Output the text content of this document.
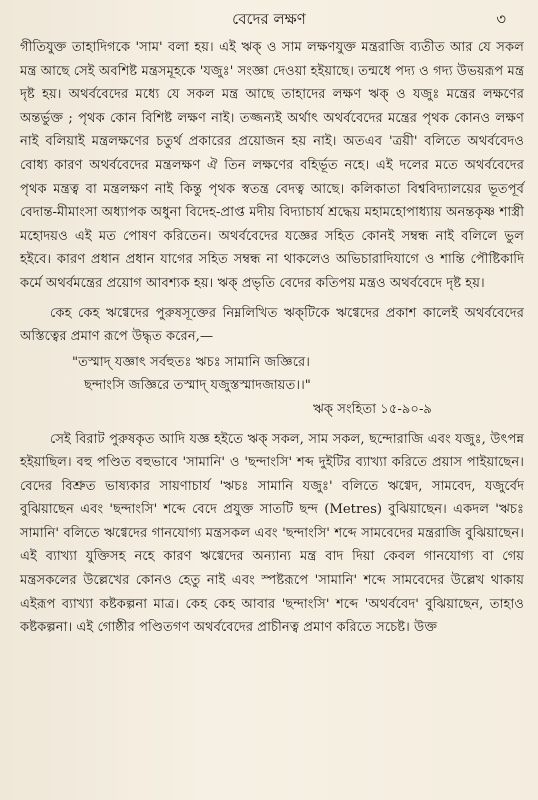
বেদের লক্ষণ	৩

গীতিযুক্ত তাহাদিগকে 'সাম' বলা হয়। এই ঋক্ ও সাম লক্ষণযুক্ত মন্ত্ররাজি ব্যতীত আর যে সকল মন্ত্র আছে সেই অবশিষ্ট মন্ত্রসমূহকে 'যজুঃ' সংজ্ঞা দেওয়া হইয়াছে। তন্মধে পদ্য ও গদ্য উভয়রূপ মন্ত্র দৃষ্ট হয়। অথর্ববেদের মধ্যে যে সকল মন্ত্র আছে তাহাদের লক্ষণ ঋক্ ও যজুঃ মন্ত্রের লক্ষণের অন্তর্ভুক্ত ; পৃথক কোন বিশিষ্ট লক্ষণ নাই। তজ্জন্যই অর্থাৎ অথর্ববেদের মন্ত্রের পৃথক কোনও লক্ষণ নাই বলিয়াই মন্ত্রলক্ষণের চতুর্থ প্রকারের প্রয়োজন হয় নাই। অতএব 'ত্রয়ী' বলিতে অথর্ববেদও বোধ্য কারণ অথর্ববেদের মন্ত্রলক্ষণ ঐ তিন লক্ষণের বহির্ভূত নহে। এই দলের মতে অথর্ববেদের পৃথক মন্ত্রত্ব বা মন্ত্রলক্ষণ নাই কিন্তু পৃথক স্বতন্ত্র বেদত্ব আছে। কলিকাতা বিশ্ববিদ্যালয়ের ভূতপূর্ব বেদান্ত-মীমাংসা অধ্যাপক অধুনা বিদেহ-প্রাপ্ত মদীয় বিদ্যাচার্য শ্রদ্ধেয় মহামহোপাধ্যায় অনন্তকৃষ্ণ শাস্ত্রী মহোদয়ও এই মত পোষণ করিতেন। অথর্ববেদের যজ্ঞের সহিত কোনই সম্বন্ধ নাই বলিলে ভুল হইবে। কারণ প্রধান প্রধান যাগের সহিত সম্বন্ধ না থাকলেও অভিচারাদিযাগে ও শান্তি পৌষ্টিকাদি কর্মে অথর্বমন্ত্রের প্রয়োগ আবশ্যক হয়। ঋক্ প্রভৃতি বেদের কতিপয় মন্ত্রও অথর্ববেদে দৃষ্ট হয়।

কেহ কেহ ঋগ্বেদের পুরুষসূক্তের নিম্নলিখিত ঋক্‌টিকে ঋগ্বেদের প্রকাশ কালেই অথর্ববেদের অস্তিত্বের প্রমাণ রূপে উদ্ধৃত করেন,—

"তস্মাদ্ যজ্ঞাৎ সর্বহুতঃ ঋচঃ সামানি জজ্ঞিরে।
ছন্দাংসি জজ্ঞিরে তস্মাদ্ যজুস্তস্মাদজায়ত।।"
ঋক্ সংহিতা ১৫-৯০-৯

সেই বিরাট পুরুষকৃত আদি যজ্ঞ হইতে ঋক্ সকল, সাম সকল, ছন্দোরাজি এবং যজুঃ, উৎপন্ন হইয়াছিল। বহু পণ্ডিত বহুভাবে 'সামানি' ও 'ছন্দাংসি' শব্দ দুইটির ব্যাখ্যা করিতে প্রয়াস পাইয়াছেন। বেদের বিশ্রুত ভাষ্যকার সায়ণাচার্য 'ঋচঃ সামানি যজুঃ' বলিতে ঋগ্বেদ, সামবেদ, যজুর্বেদ বুঝিয়াছেন এবং 'ছন্দাংসি' শব্দে বেদে প্রযুক্ত সাতটি ছন্দ (Metres) বুঝিয়াছেন। একদল 'ঋচঃ সামানি' বলিতে ঋগ্বেদের গানযোগ্য মন্ত্রসকল এবং 'ছন্দাংসি' শব্দে সামবেদের মন্ত্ররাজি বুঝিয়াছেন। এই ব্যাখ্যা যুক্তিসহ নহে কারণ ঋগ্বেদের অন্যান্য মন্ত্র বাদ দিয়া কেবল গানযোগ্য বা গেয় মন্ত্রসকলের উল্লেখের কোনও হেতু নাই এবং স্পষ্টরূপে 'সামানি' শব্দে সামবেদের উল্লেখ থাকায় এইরূপ ব্যাখ্যা কষ্টকল্পনা মাত্র। কেহ কেহ আবার 'ছন্দাংসি' শব্দে 'অথর্ববেদ' বুঝিয়াছেন, তাহাও কষ্টকল্পনা। এই গোষ্ঠীর পণ্ডিতগণ অথর্ববেদের প্রাচীনত্ব প্রমাণ করিতে সচেষ্ট। উক্ত
